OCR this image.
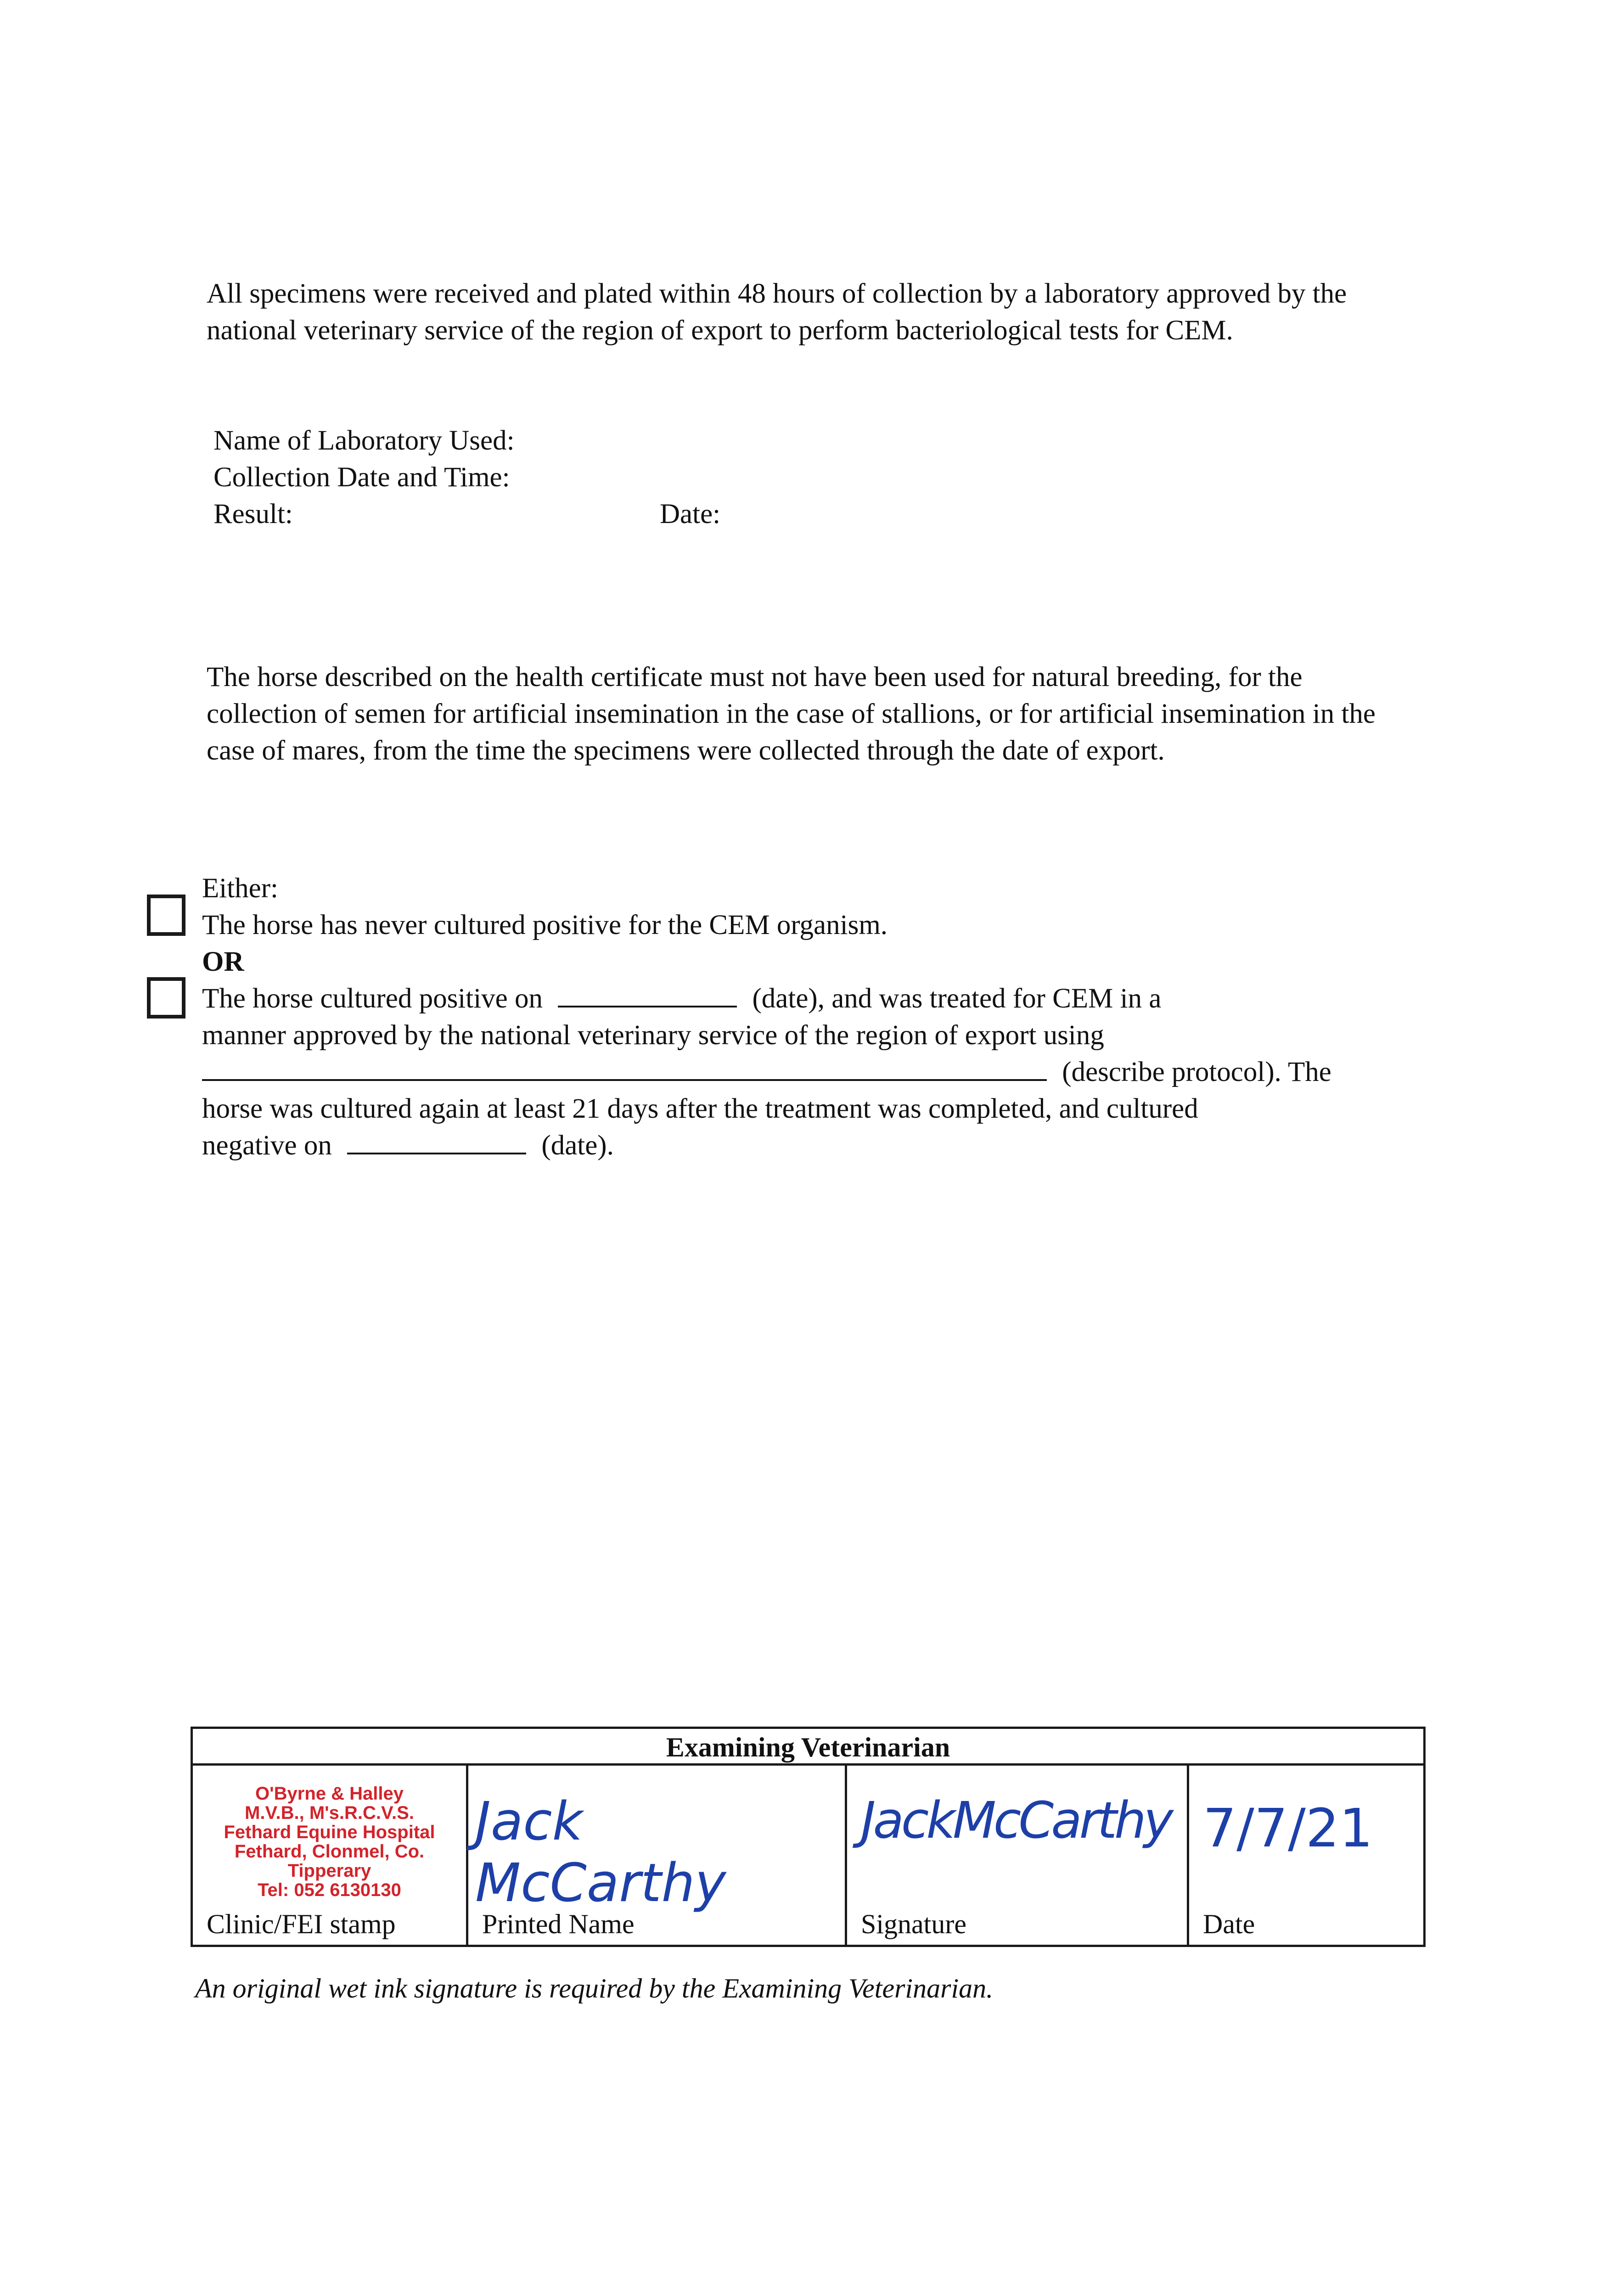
All specimens were received and plated within 48 hours of collection by a laboratory approved by the national veterinary service of the region of export to perform bacteriological tests for CEM.

Name of Laboratory Used:
Collection Date and Time:
Result:	Date:

The horse described on the health certificate must not have been used for natural breeding, for the collection of semen for artificial insemination in the case of stallions, or for artificial insemination in the case of mares, from the time the specimens were collected through the date of export.

Either:
The horse has never cultured positive for the CEM organism.
OR
The horse cultured positive on	(date), and was treated for CEM in a
manner approved by the national veterinary service of the region of export using
(describe protocol). The
horse was cultured again at least 21 days after the treatment was completed, and cultured
negative on	(date).
Examining Veterinarian
O'Byrne & Halley
M.V.B., M's.R.C.V.S.
Fethard Equine Hospital
Fethard, Clonmel, Co. Tipperary
Tel: 052 6130130
Clinic/FEI stamp
Jack McCarthy
Printed Name
JackMcCarthy
Signature
7/7/21
Date
An original wet ink signature is required by the Examining Veterinarian.
